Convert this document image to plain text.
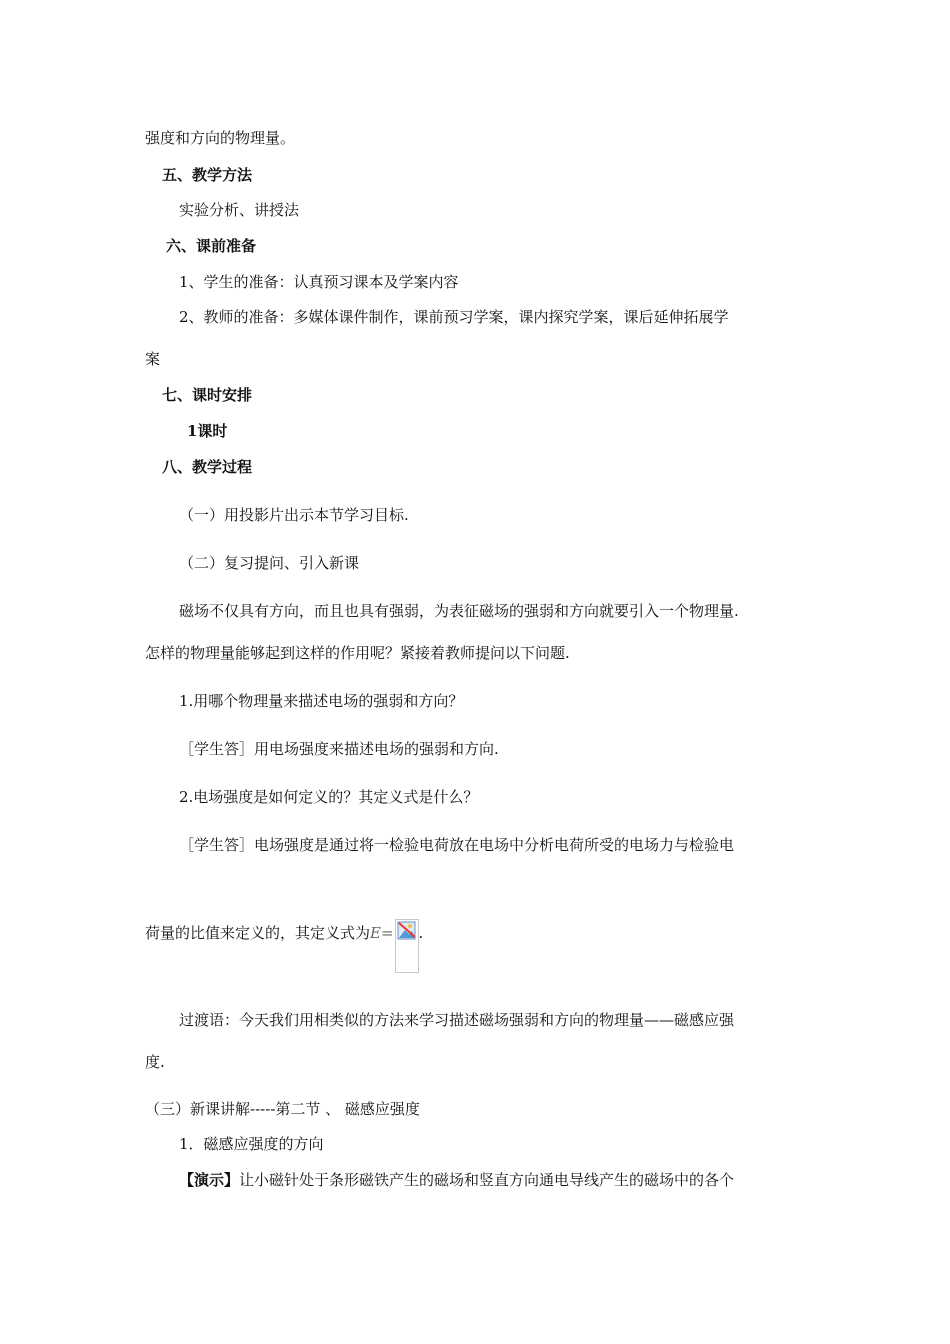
强度和方向的物理量。
五、教学方法
实验分析、讲授法
六、课前准备
1、学生的准备：认真预习课本及学案内容
2、教师的准备：多媒体课件制作，课前预习学案，课内探究学案，课后延伸拓展学
案
七、课时安排
1课时
八、教学过程
（一）用投影片出示本节学习目标.
（二）复习提问、引入新课
磁场不仅具有方向，而且也具有强弱，为表征磁场的强弱和方向就要引入一个物理量.
怎样的物理量能够起到这样的作用呢？紧接着教师提问以下问题.
1.用哪个物理量来描述电场的强弱和方向？
［学生答］用电场强度来描述电场的强弱和方向.
2.电场强度是如何定义的？其定义式是什么？
［学生答］电场强度是通过将一检验电荷放在电场中分析电荷所受的电场力与检验电
荷量的比值来定义的，其定义式为E= .
过渡语：今天我们用相类似的方法来学习描述磁场强弱和方向的物理量——磁感应强
度.
（三）新课讲解-----第二节 、 磁感应强度
1．磁感应强度的方向
【演示】让小磁针处于条形磁铁产生的磁场和竖直方向通电导线产生的磁场中的各个
